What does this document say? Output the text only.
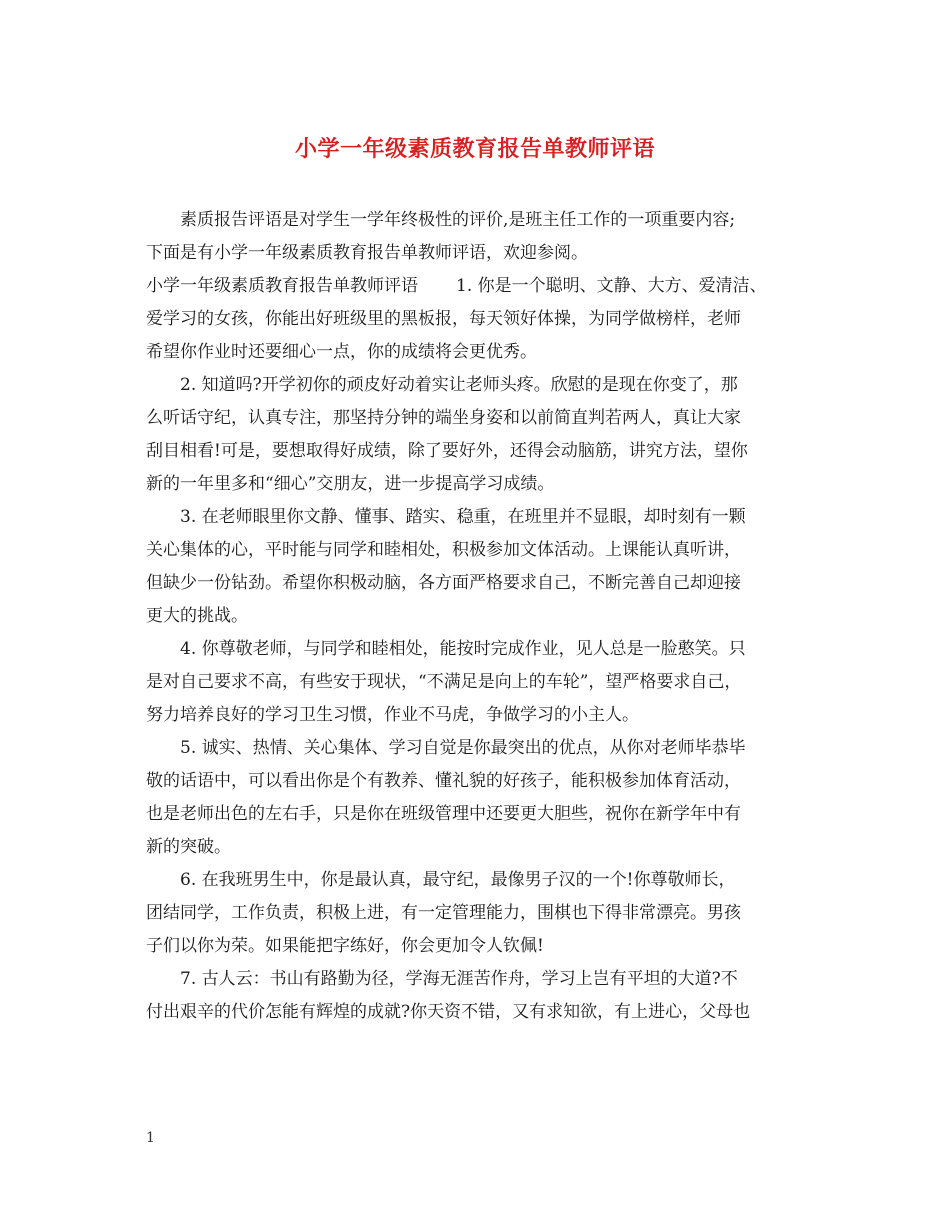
小学一年级素质教育报告单教师评语
素质报告评语是对学生一学年终极性的评价,是班主任工作的一项重要内容;
下面是有小学一年级素质教育报告单教师评语，欢迎参阅。
小学一年级素质教育报告单教师评语 1. 你是一个聪明、文静、大方、爱清洁、
爱学习的女孩，你能出好班级里的黑板报，每天领好体操，为同学做榜样，老师
希望你作业时还要细心一点，你的成绩将会更优秀。
2. 知道吗?开学初你的顽皮好动着实让老师头疼。欣慰的是现在你变了，那
么听话守纪，认真专注，那坚持分钟的端坐身姿和以前简直判若两人，真让大家
刮目相看!可是，要想取得好成绩，除了要好外，还得会动脑筋，讲究方法，望你
新的一年里多和“细心”交朋友，进一步提高学习成绩。
3. 在老师眼里你文静、懂事、踏实、稳重，在班里并不显眼，却时刻有一颗
关心集体的心，平时能与同学和睦相处，积极参加文体活动。上课能认真听讲，
但缺少一份钻劲。希望你积极动脑，各方面严格要求自己，不断完善自己却迎接
更大的挑战。
4. 你尊敬老师，与同学和睦相处，能按时完成作业，见人总是一脸憨笑。只
是对自己要求不高，有些安于现状，“不满足是向上的车轮”，望严格要求自己，
努力培养良好的学习卫生习惯，作业不马虎，争做学习的小主人。
5. 诚实、热情、关心集体、学习自觉是你最突出的优点，从你对老师毕恭毕
敬的话语中，可以看出你是个有教养、懂礼貌的好孩子，能积极参加体育活动，
也是老师出色的左右手，只是你在班级管理中还要更大胆些，祝你在新学年中有
新的突破。
6. 在我班男生中，你是最认真，最守纪，最像男子汉的一个!你尊敬师长，
团结同学，工作负责，积极上进，有一定管理能力，围棋也下得非常漂亮。男孩
子们以你为荣。如果能把字练好，你会更加令人钦佩!
7. 古人云：书山有路勤为径，学海无涯苦作舟，学习上岂有平坦的大道?不
付出艰辛的代价怎能有辉煌的成就?你天资不错，又有求知欲，有上进心，父母也
1
